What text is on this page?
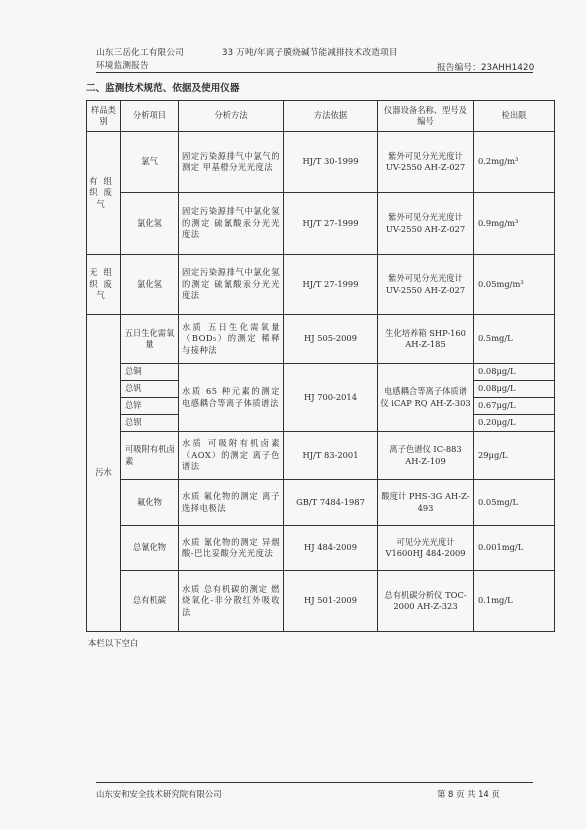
山东三岳化工有限公司	33 万吨/年离子膜烧碱节能减排技术改造项目
环境监测报告	报告编号：23AHH1420
二、监测技术规范、依据及使用仪器
样品类别	分析项目	分析方法	方法依据	仪器设备名称、型号及编号	检出限
有组织废气	氯气	固定污染源排气中氯气的测定 甲基橙分光光度法	HJ/T 30-1999	紫外可见分光光度计 UV-2550 AH-Z-027	0.2mg/m³
	氯化氢	固定污染源排气中氯化氢的测定 硫氰酸汞分光光度法	HJ/T 27-1999	紫外可见分光光度计 UV-2550 AH-Z-027	0.9mg/m³
无组织废气	氯化氢	固定污染源排气中氯化氢的测定 硫氰酸汞分光光度法	HJ/T 27-1999	紫外可见分光光度计 UV-2550 AH-Z-027	0.05mg/m³
污水	五日生化需氧量	水质 五日生化需氧量（BOD₅）的测定 稀释与接种法	HJ 505-2009	生化培养箱 SHP-160 AH-Z-185	0.5mg/L
	总铜	水质 65 种元素的测定 电感耦合等离子体质谱法	HJ 700-2014	电感耦合等离子体质谱仪 iCAP RQ AH-Z-303	0.08μg/L
	总钒				0.08μg/L
	总锌				0.67μg/L
	总钡				0.20μg/L
	可吸附有机卤素	水质 可吸附有机卤素（AOX）的测定 离子色谱法	HJ/T 83-2001	离子色谱仪 IC-883 AH-Z-109	29μg/L
	氟化物	水质 氟化物的测定 离子选择电极法	GB/T 7484-1987	酸度计 PHS-3G AH-Z-493	0.05mg/L
	总氰化物	水质 氰化物的测定 异烟酸-巴比妥酸分光光度法	HJ 484-2009	可见分光光度计 V1600HJ 484-2009	0.001mg/L
	总有机碳	水质 总有机碳的测定 燃烧氧化-非分散红外吸收法	HJ 501-2009	总有机碳分析仪 TOC-2000 AH-Z-323	0.1mg/L
本栏以下空白
山东安和安全技术研究院有限公司	第 8 页 共 14 页
